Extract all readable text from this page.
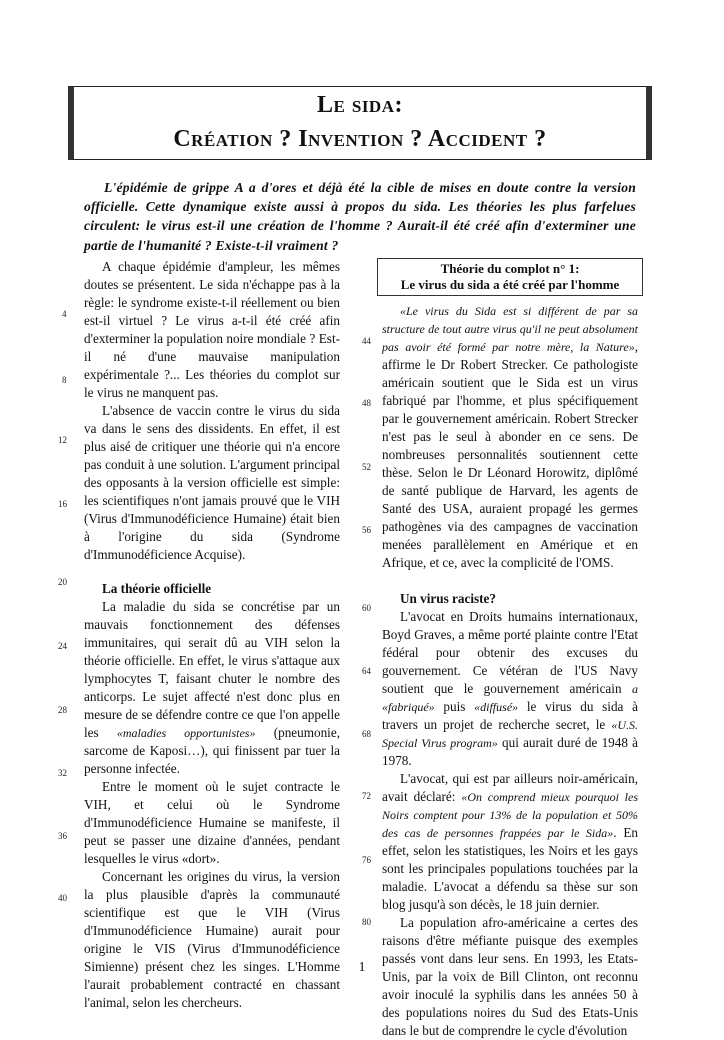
Le sida:
Création ? Invention ? Accident ?
L'épidémie de grippe A a d'ores et déjà été la cible de mises en doute contre la version officielle. Cette dynamique existe aussi à propos du sida. Les théories les plus farfelues circulent: le virus est-il une création de l'homme ? Aurait-il été créé afin d'exterminer une partie de l'humanité ? Existe-t-il vraiment ?

A chaque épidémie d'ampleur, les mêmes doutes se présentent. Le sida n'échappe pas à la règle: le syndrome existe-t-il réellement ou bien est-il virtuel ? Le virus a-t-il été créé afin d'exterminer la population noire mondiale ? Est-il né d'une mauvaise manipulation expérimentale ?... Les théories du complot sur le virus ne manquent pas.

L'absence de vaccin contre le virus du sida va dans le sens des dissidents. En effet, il est plus aisé de critiquer une théorie qui n'a encore pas conduit à une solution. L'argument principal des opposants à la version officielle est simple: les scientifiques n'ont jamais prouvé que le VIH (Virus d'Immunodéficience Humaine) était bien à l'origine du sida (Syndrome d'Immunodéficience Acquise).

La théorie officielle

La maladie du sida se concrétise par un mauvais fonctionnement des défenses immunitaires, qui serait dû au VIH selon la théorie officielle. En effet, le virus s'attaque aux lymphocytes T, faisant chuter le nombre des anticorps. Le sujet affecté n'est donc plus en mesure de se défendre contre ce que l'on appelle les «maladies opportunistes» (pneumonie, sarcome de Kaposi…), qui finissent par tuer la personne infectée.

Entre le moment où le sujet contracte le VIH, et celui où le Syndrome d'Immunodéficience Humaine se manifeste, il peut se passer une dizaine d'années, pendant lesquelles le virus «dort».

Concernant les origines du virus, la version la plus plausible d'après la communauté scientifique est que le VIH (Virus d'Immunodéficience Humaine) aurait pour origine le VIS (Virus d'Immunodéficience Simienne) présent chez les singes. L'Homme l'aurait probablement contracté en chassant l'animal, selon les chercheurs.

Théorie du complot n° 1:
Le virus du sida a été créé par l'homme

«Le virus du Sida est si différent de par sa structure de tout autre virus qu'il ne peut absolument pas avoir été formé par notre mère, la Nature», affirme le Dr Robert Strecker. Ce pathologiste américain soutient que le Sida est un virus fabriqué par l'homme, et plus spécifiquement par le gouvernement américain. Robert Strecker n'est pas le seul à abonder en ce sens. De nombreuses personnalités soutiennent cette thèse. Selon le Dr Léonard Horowitz, diplômé de santé publique de Harvard, les agents de Santé des USA, auraient propagé les germes pathogènes via des campagnes de vaccination menées parallèlement en Amérique et en Afrique, et ce, avec la complicité de l'OMS.

Un virus raciste?

L'avocat en Droits humains internationaux, Boyd Graves, a même porté plainte contre l'Etat fédéral pour obtenir des excuses du gouvernement. Ce vétéran de l'US Navy soutient que le gouvernement américain a «fabriqué» puis «diffusé» le virus du sida à travers un projet de recherche secret, le «U.S. Special Virus program» qui aurait duré de 1948 à 1978.

L'avocat, qui est par ailleurs noir-américain, avait déclaré: «On comprend mieux pourquoi les Noirs comptent pour 13% de la population et 50% des cas de personnes frappées par le Sida». En effet, selon les statistiques, les Noirs et les gays sont les principales populations touchées par la maladie. L'avocat a défendu sa thèse sur son blog jusqu'à son décès, le 18 juin dernier.

La population afro-américaine a certes des raisons d'être méfiante puisque des exemples passés vont dans leur sens. En 1993, les Etats-Unis, par la voix de Bill Clinton, ont reconnu avoir inoculé la syphilis dans les années 50 à des populations noires du Sud des Etats-Unis dans le but de comprendre le cycle d'évolution

4
8
12
16
20
24
28
32
36
40
44
48
52
56
60
64
68
72
76
80
1
